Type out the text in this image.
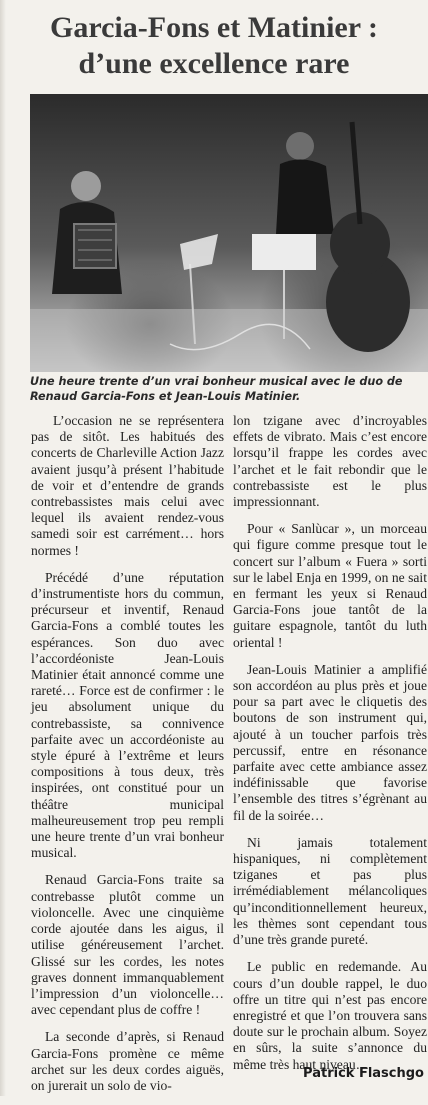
Garcia-Fons et Matinier :
d’une excellence rare
Une heure trente d’un vrai bonheur musical avec le duo de Renaud Garcia-Fons et Jean-Louis Matinier.

L’occasion ne se représentera pas de sitôt. Les habitués des concerts de Charleville Action Jazz avaient jusqu’à présent l’habitude de voir et d’entendre de grands contrebassistes mais celui avec lequel ils avaient rendez-vous samedi soir est carrément… hors normes !

Précédé d’une réputation d’instrumentiste hors du commun, précurseur et inventif, Renaud Garcia-Fons a comblé toutes les espérances. Son duo avec l’accordéoniste Jean-Louis Matinier était annoncé comme une rareté… Force est de confirmer : le jeu absolument unique du contrebassiste, sa connivence parfaite avec un accordéoniste au style épuré à l’extrême et leurs compositions à tous deux, très inspirées, ont constitué pour un théâtre municipal malheureusement trop peu rempli une heure trente d’un vrai bonheur musical.

Renaud Garcia-Fons traite sa contrebasse plutôt comme un violoncelle. Avec une cinquième corde ajoutée dans les aigus, il utilise généreusement l’archet. Glissé sur les cordes, les notes graves donnent immanquablement l’impression d’un violoncelle… avec cependant plus de coffre !

La seconde d’après, si Renaud Garcia-Fons promène ce même archet sur les deux cordes aiguës, on jurerait un solo de vio-

lon tzigane avec d’incroyables effets de vibrato. Mais c’est encore lorsqu’il frappe les cordes avec l’archet et le fait rebondir que le contrebassiste est le plus impressionnant.

Pour « Sanlùcar », un morceau qui figure comme presque tout le concert sur l’album « Fuera » sorti sur le label Enja en 1999, on ne sait en fermant les yeux si Renaud Garcia-Fons joue tantôt de la guitare espagnole, tantôt du luth oriental !

Jean-Louis Matinier a amplifié son accordéon au plus près et joue pour sa part avec le cliquetis des boutons de son instrument qui, ajouté à un toucher parfois très percussif, entre en résonance parfaite avec cette ambiance assez indéfinissable que favorise l’ensemble des titres s’égrènant au fil de la soirée…

Ni jamais totalement hispaniques, ni complètement tziganes et pas plus irrémédiablement mélancoliques qu’inconditionnellement heureux, les thèmes sont cependant tous d’une très grande pureté.

Le public en redemande. Au cours d’un double rappel, le duo offre un titre qui n’est pas encore enregistré et que l’on trouvera sans doute sur le prochain album. Soyez en sûrs, la suite s’annonce du même très haut niveau…

Patrick Flaschgo
